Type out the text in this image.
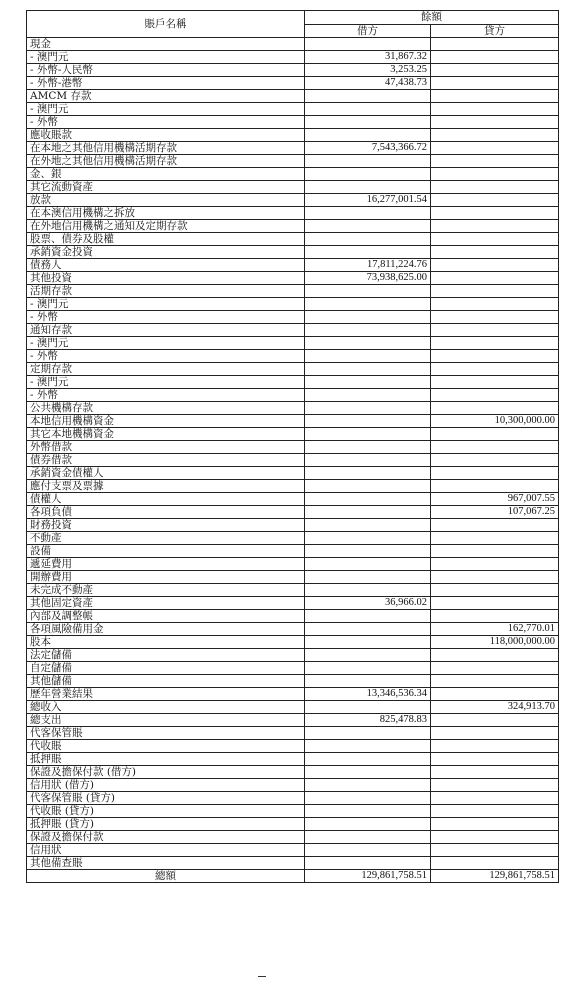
賬戶名稱	餘額	
	借方	貸方
現金		
- 澳門元	31,867.32	
- 外幣-人民幣	3,253.25	
- 外幣-港幣	47,438.73	
AMCM 存款		
- 澳門元		
- 外幣		
應收賬款		
在本地之其他信用機構活期存款	7,543,366.72	
在外地之其他信用機構活期存款		
金、銀		
其它流動資產		
放款	16,277,001.54	
在本澳信用機構之拆放		
在外地信用機構之通知及定期存款		
股票、債券及股權		
承銷資金投資		
債務人	17,811,224.76	
其他投資	73,938,625.00	
活期存款		
- 澳門元		
- 外幣		
通知存款		
- 澳門元		
- 外幣		
定期存款		
- 澳門元		
- 外幣		
公共機構存款		
本地信用機構資金		10,300,000.00
其它本地機構資金		
外幣借款		
債券借款		
承銷資金債權人		
應付支票及票據		
債權人		967,007.55
各項負債		107,067.25
財務投資		
不動產		
設備		
遞延費用		
開辦費用		
未完成不動產		
其他固定資產	36,966.02	
內部及調整帳		
各項風險備用金		162,770.01
股本		118,000,000.00
法定儲備		
自定儲備		
其他儲備		
歷年營業結果	13,346,536.34	
總收入		324,913.70
總支出	825,478.83	
代客保管賬		
代收賬		
抵押賬		
保證及擔保付款 (借方)		
信用狀 (借方)		
代客保管賬 (貸方)		
代收賬 (貸方)		
抵押賬 (貸方)		
保證及擔保付款		
信用狀		
其他備查賬		
總額	129,861,758.51	129,861,758.51
